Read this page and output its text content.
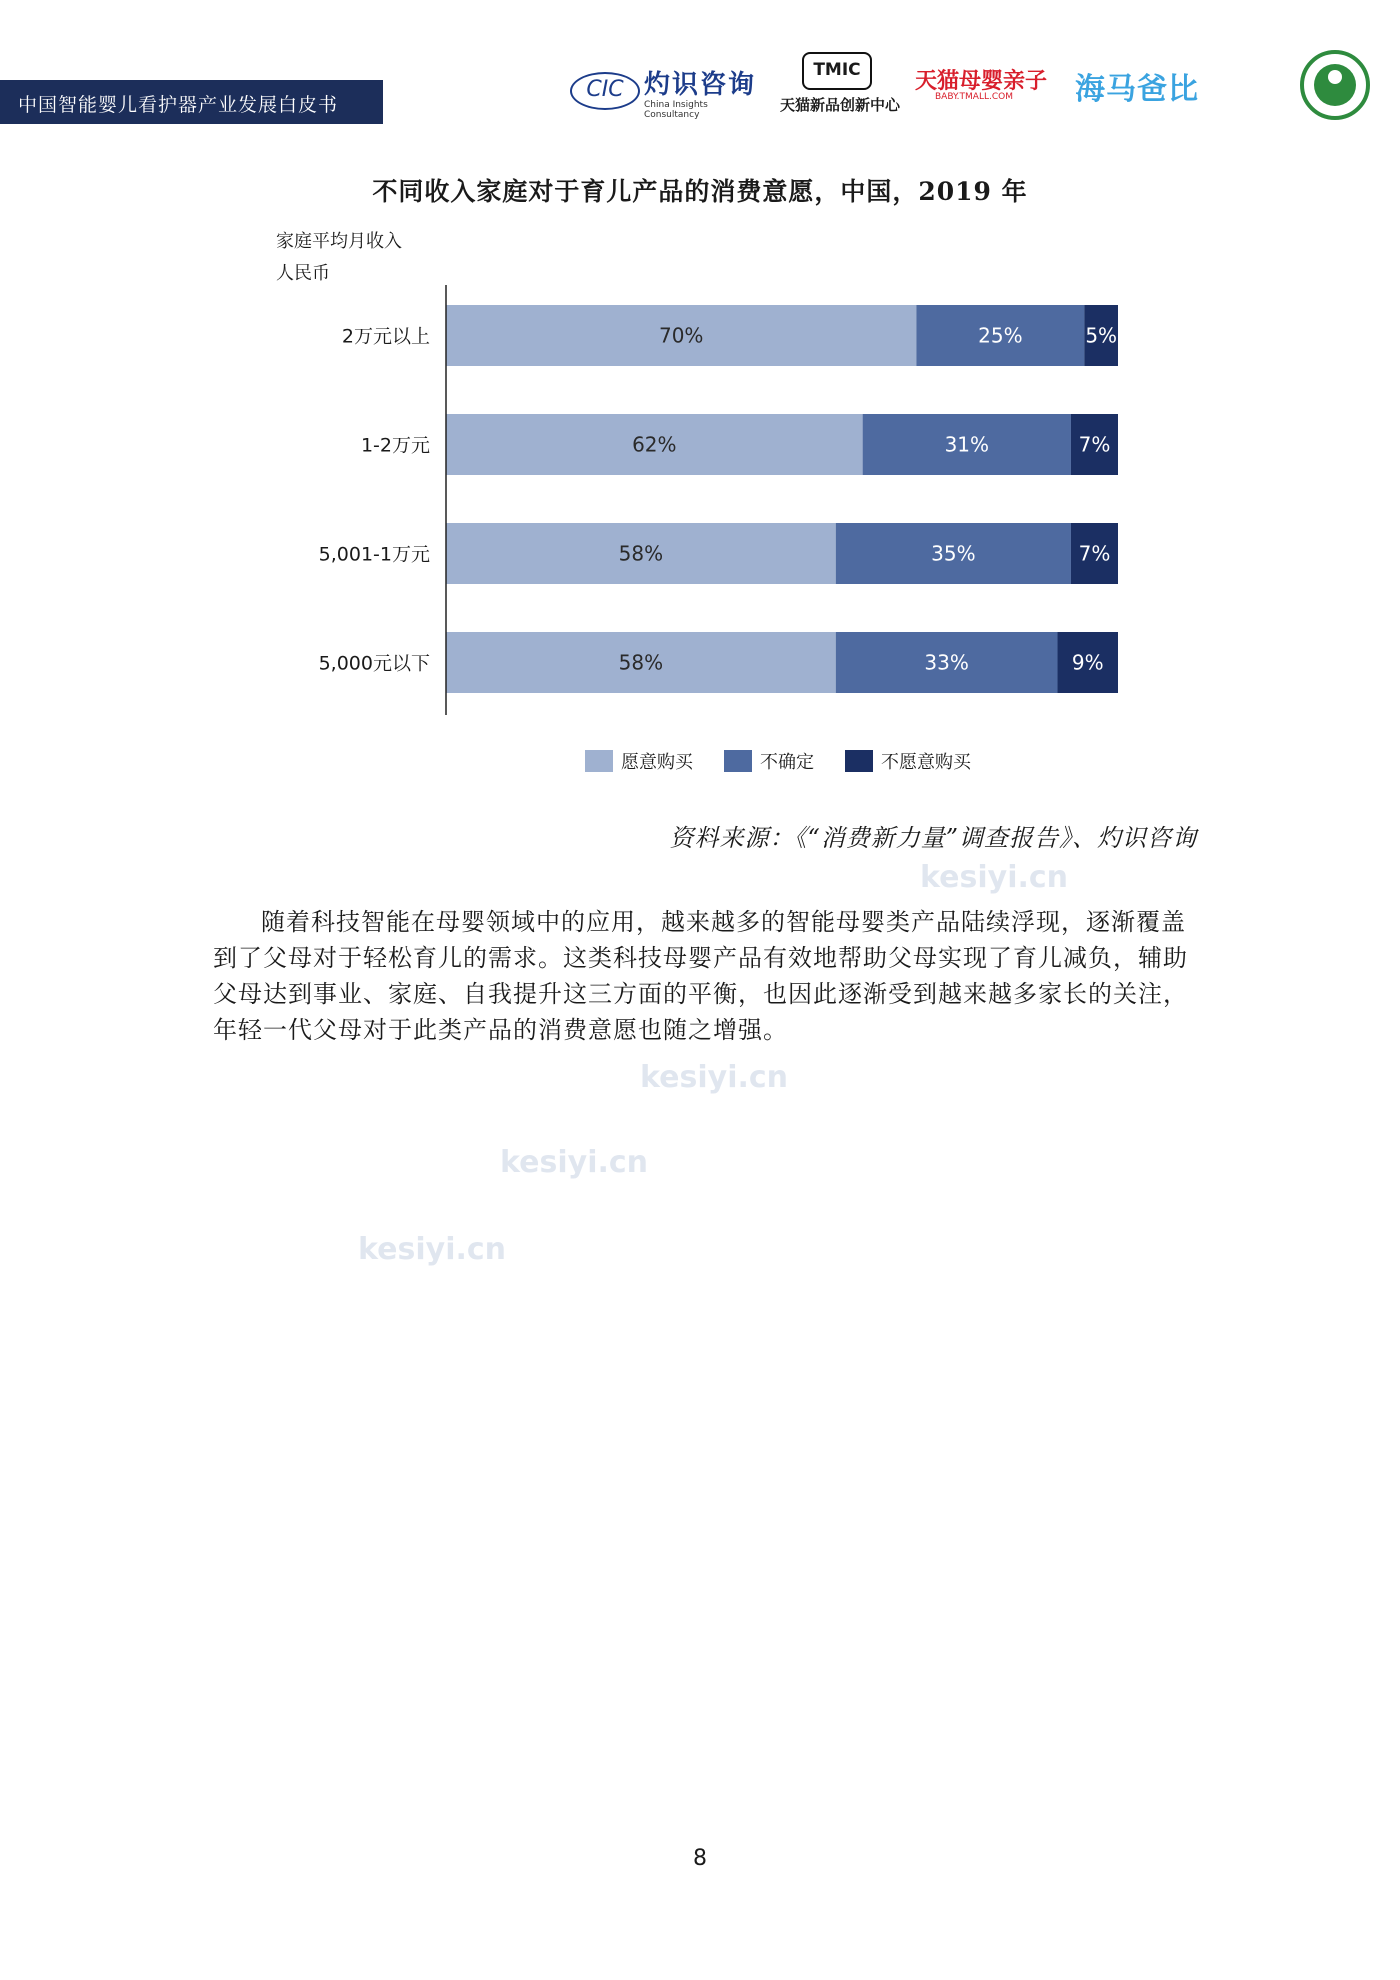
中国智能婴儿看护器产业发展白皮书
CIC 灼识咨询
China Insights Consultancy
TMIC
天猫新品创新中心
天猫母婴亲子
BABY.TMALL.COM 海马爸比
不同收入家庭对于育儿产品的消费意愿，中国，2019 年
家庭平均月收入
人民币
2万元以上	70%	25%	5%
1-2万元	62%	31%	7%
5,001-1万元	58%	35%	7%
5,000元以下	58%	33%	9%
愿意购买	不确定	不愿意购买
kesiyi.cn
kesiyi.cn
kesiyi.cn
kesiyi.cn
资料来源：《“消费新力量”调查报告》、灼识咨询
随着科技智能在母婴领域中的应用，越来越多的智能母婴类产品陆续浮现，逐渐覆盖到了父母对于轻松育儿的需求。这类科技母婴产品有效地帮助父母实现了育儿减负，辅助父母达到事业、家庭、自我提升这三方面的平衡，也因此逐渐受到越来越多家长的关注，年轻一代父母对于此类产品的消费意愿也随之增强。
8
